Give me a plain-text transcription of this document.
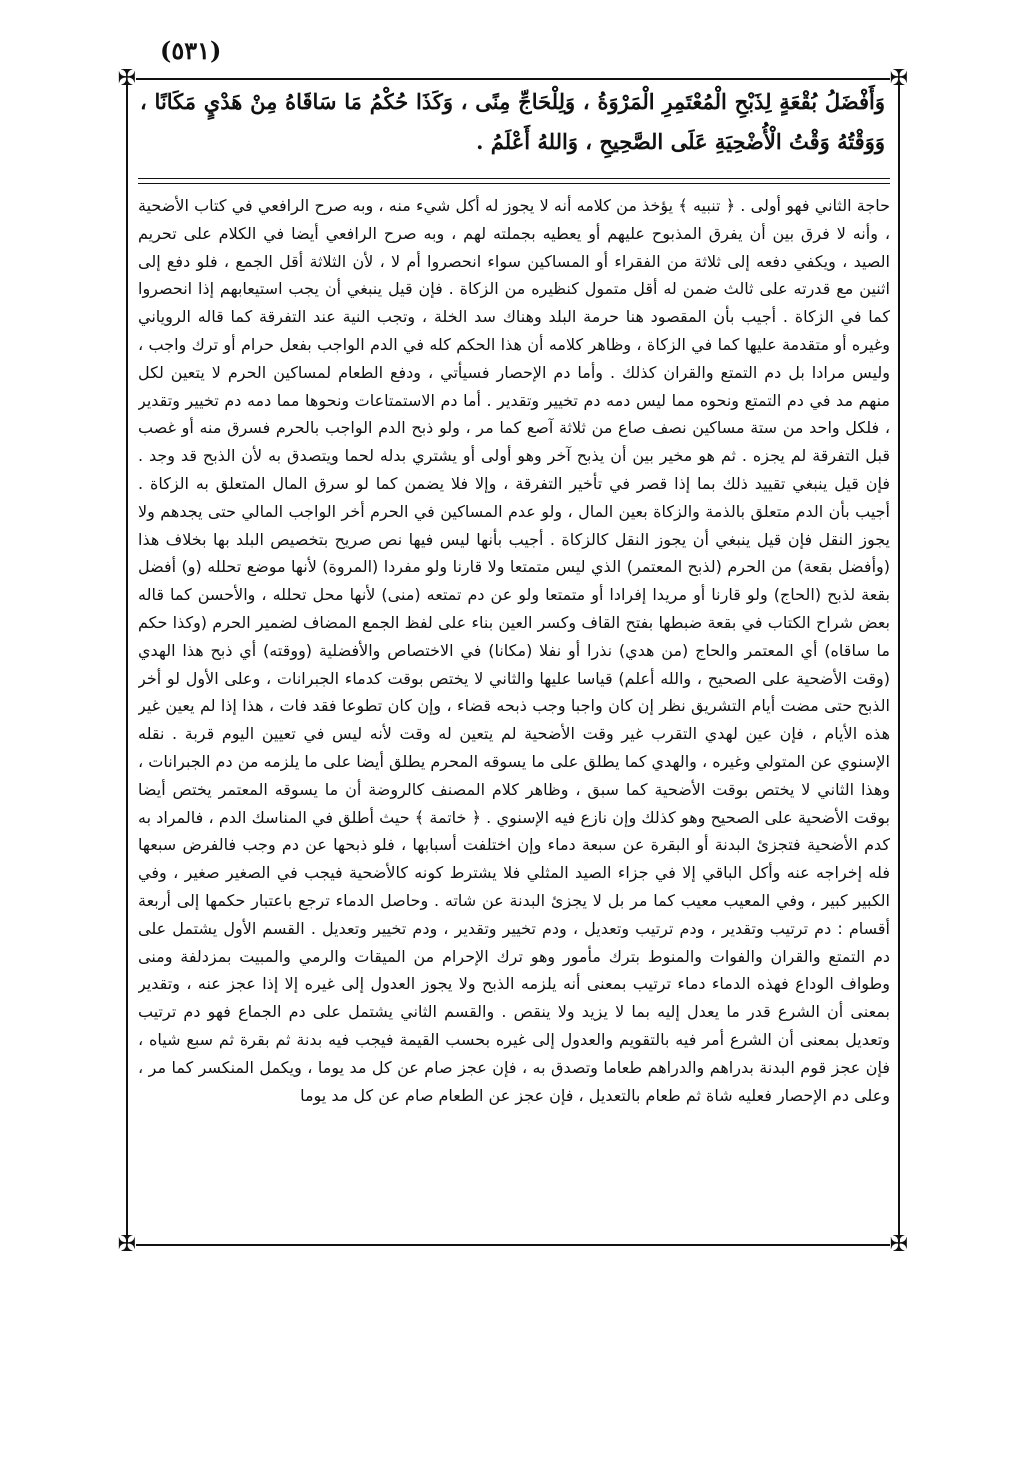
(٥٣١)
✠	✠
✠	✠
وَأَفْضَلُ بُقْعَةٍ لِذَبْحِ الْمُعْتَمِرِ الْمَرْوَةُ ، وَلِلْحَاجِّ مِنًى ، وَكَذَا حُكْمُ مَا سَاقَاهُ مِنْ هَدْيٍ مَكَانًا ، وَوَقْتُهُ وَقْتُ الْأُضْحِيَةِ عَلَى الصَّحِيحِ ، وَاللهُ أَعْلَمُ .

حاجة الثاني فهو أولى . ﴿ تنبيه ﴾ يؤخذ من كلامه أنه لا يجوز له أكل شيء منه ، وبه صرح الرافعي في كتاب الأضحية ، وأنه لا فرق بين أن يفرق المذبوح عليهم أو يعطيه بجملته لهم ، وبه صرح الرافعي أيضا في الكلام على تحريم الصيد ، ويكفي دفعه إلى ثلاثة من الفقراء أو المساكين سواء انحصروا أم لا ، لأن الثلاثة أقل الجمع ، فلو دفع إلى اثنين مع قدرته على ثالث ضمن له أقل متمول كنظيره من الزكاة . فإن قيل ينبغي أن يجب استيعابهم إذا انحصروا كما في الزكاة . أجيب بأن المقصود هنا حرمة البلد وهناك سد الخلة ، وتجب النية عند التفرقة كما قاله الروياني وغيره أو متقدمة عليها كما في الزكاة ، وظاهر كلامه أن هذا الحكم كله في الدم الواجب بفعل حرام أو ترك واجب ، وليس مرادا بل دم التمتع والقران كذلك . وأما دم الإحصار فسيأتي ، ودفع الطعام لمساكين الحرم لا يتعين لكل منهم مد في دم التمتع ونحوه مما ليس دمه دم تخيير وتقدير . أما دم الاستمتاعات ونحوها مما دمه دم تخيير وتقدير ، فلكل واحد من ستة مساكين نصف صاع من ثلاثة آصع كما مر ، ولو ذبح الدم الواجب بالحرم فسرق منه أو غصب قبل التفرقة لم يجزه . ثم هو مخير بين أن يذبح آخر وهو أولى أو يشتري بدله لحما ويتصدق به لأن الذبح قد وجد . فإن قيل ينبغي تقييد ذلك بما إذا قصر في تأخير التفرقة ، وإلا فلا يضمن كما لو سرق المال المتعلق به الزكاة . أجيب بأن الدم متعلق بالذمة والزكاة بعين المال ، ولو عدم المساكين في الحرم أخر الواجب المالي حتى يجدهم ولا يجوز النقل فإن قيل ينبغي أن يجوز النقل كالزكاة . أجيب بأنها ليس فيها نص صريح بتخصيص البلد بها بخلاف هذا (وأفضل بقعة) من الحرم (لذبح المعتمر) الذي ليس متمتعا ولا قارنا ولو مفردا (المروة) لأنها موضع تحلله (و) أفضل بقعة لذبح (الحاج) ولو قارنا أو مريدا إفرادا أو متمتعا ولو عن دم تمتعه (منى) لأنها محل تحلله ، والأحسن كما قاله بعض شراح الكتاب في بقعة ضبطها بفتح القاف وكسر العين بناء على لفظ الجمع المضاف لضمير الحرم (وكذا حكم ما ساقاه) أي المعتمر والحاج (من هدي) نذرا أو نفلا (مكانا) في الاختصاص والأفضلية (ووقته) أي ذبح هذا الهدي (وقت الأضحية على الصحيح ، والله أعلم) قياسا عليها والثاني لا يختص بوقت كدماء الجبرانات ، وعلى الأول لو أخر الذبح حتى مضت أيام التشريق نظر إن كان واجبا وجب ذبحه قضاء ، وإن كان تطوعا فقد فات ، هذا إذا لم يعين غير هذه الأيام ، فإن عين لهدي التقرب غير وقت الأضحية لم يتعين له وقت لأنه ليس في تعيين اليوم قربة . نقله الإسنوي عن المتولي وغيره ، والهدي كما يطلق على ما يسوقه المحرم يطلق أيضا على ما يلزمه من دم الجبرانات ، وهذا الثاني لا يختص بوقت الأضحية كما سبق ، وظاهر كلام المصنف كالروضة أن ما يسوقه المعتمر يختص أيضا بوقت الأضحية على الصحيح وهو كذلك وإن نازع فيه الإسنوي . ﴿ خاتمة ﴾ حيث أطلق في المناسك الدم ، فالمراد به كدم الأضحية فتجزئ البدنة أو البقرة عن سبعة دماء وإن اختلفت أسبابها ، فلو ذبحها عن دم وجب فالفرض سبعها فله إخراجه عنه وأكل الباقي إلا في جزاء الصيد المثلي فلا يشترط كونه كالأضحية فيجب في الصغير صغير ، وفي الكبير كبير ، وفي المعيب معيب كما مر بل لا يجزئ البدنة عن شاته . وحاصل الدماء ترجع باعتبار حكمها إلى أربعة أقسام : دم ترتيب وتقدير ، ودم ترتيب وتعديل ، ودم تخيير وتقدير ، ودم تخيير وتعديل . القسم الأول يشتمل على دم التمتع والقران والفوات والمنوط بترك مأمور وهو ترك الإحرام من الميقات والرمي والمبيت بمزدلفة ومنى وطواف الوداع فهذه الدماء دماء ترتيب بمعنى أنه يلزمه الذبح ولا يجوز العدول إلى غيره إلا إذا عجز عنه ، وتقدير بمعنى أن الشرع قدر ما يعدل إليه بما لا يزيد ولا ينقص . والقسم الثاني يشتمل على دم الجماع فهو دم ترتيب وتعديل بمعنى أن الشرع أمر فيه بالتقويم والعدول إلى غيره بحسب القيمة فيجب فيه بدنة ثم بقرة ثم سبع شياه ، فإن عجز قوم البدنة بدراهم والدراهم طعاما وتصدق به ، فإن عجز صام عن كل مد يوما ، ويكمل المنكسر كما مر ، وعلى دم الإحصار فعليه شاة ثم طعام بالتعديل ، فإن عجز عن الطعام صام عن كل مد يوما
